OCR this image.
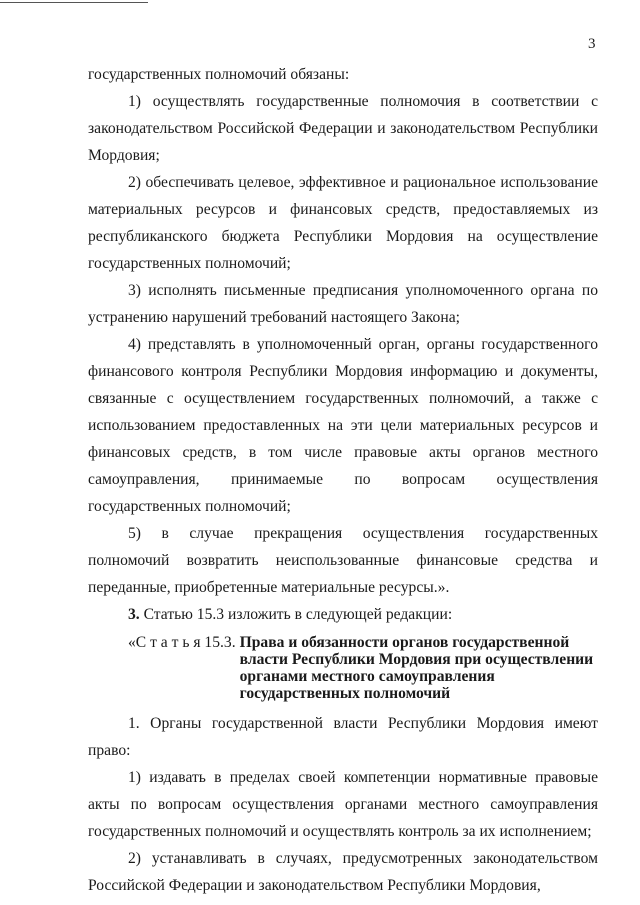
3

государственных полномочий обязаны:

1) осуществлять государственные полномочия в соответствии с законодательством Российской Федерации и законодательством Республики Мордовия;

2) обеспечивать целевое, эффективное и рациональное использование материальных ресурсов и финансовых средств, предоставляемых из республиканского бюджета Республики Мордовия на осуществление государственных полномочий;

3) исполнять письменные предписания уполномоченного органа по устранению нарушений требований настоящего Закона;

4) представлять в уполномоченный орган, органы государственного финансового контроля Республики Мордовия информацию и документы, связанные с осуществлением государственных полномочий, а также с использованием предоставленных на эти цели материальных ресурсов и финансовых средств, в том числе правовые акты органов местного самоуправления, принимаемые по вопросам осуществления государственных полномочий;

5) в случае прекращения осуществления государственных полномочий возвратить неиспользованные финансовые средства и переданные, приобретенные материальные ресурсы.».

3. Статью 15.3 изложить в следующей редакции:

«С т а т ь я 15.3. Права и обязанности органов государственной
власти Республики Мордовия при осуществлении органами местного самоуправления государственных полномочий

1. Органы государственной власти Республики Мордовия имеют право:

1) издавать в пределах своей компетенции нормативные правовые акты по вопросам осуществления органами местного самоуправления государственных полномочий и осуществлять контроль за их исполнением;

2) устанавливать в случаях, предусмотренных законодательством Российской Федерации и законодательством Республики Мордовия,
